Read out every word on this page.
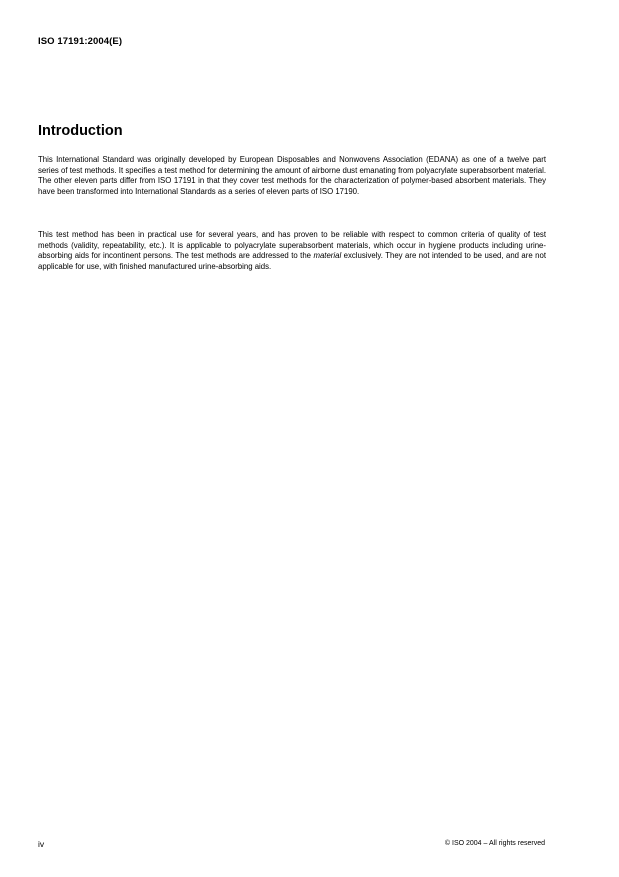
ISO 17191:2004(E)
Introduction

This International Standard was originally developed by European Disposables and Nonwovens Association (EDANA) as one of a twelve part series of test methods. It specifies a test method for determining the amount of airborne dust emanating from polyacrylate superabsorbent material. The other eleven parts differ from ISO 17191 in that they cover test methods for the characterization of polymer-based absorbent materials. They have been transformed into International Standards as a series of eleven parts of ISO 17190.

This test method has been in practical use for several years, and has proven to be reliable with respect to common criteria of quality of test methods (validity, repeatability, etc.). It is applicable to polyacrylate superabsorbent materials, which occur in hygiene products including urine-absorbing aids for incontinent persons. The test methods are addressed to the material exclusively. They are not intended to be used, and are not applicable for use, with finished manufactured urine-absorbing aids.

iv	© ISO 2004 – All rights reserved
